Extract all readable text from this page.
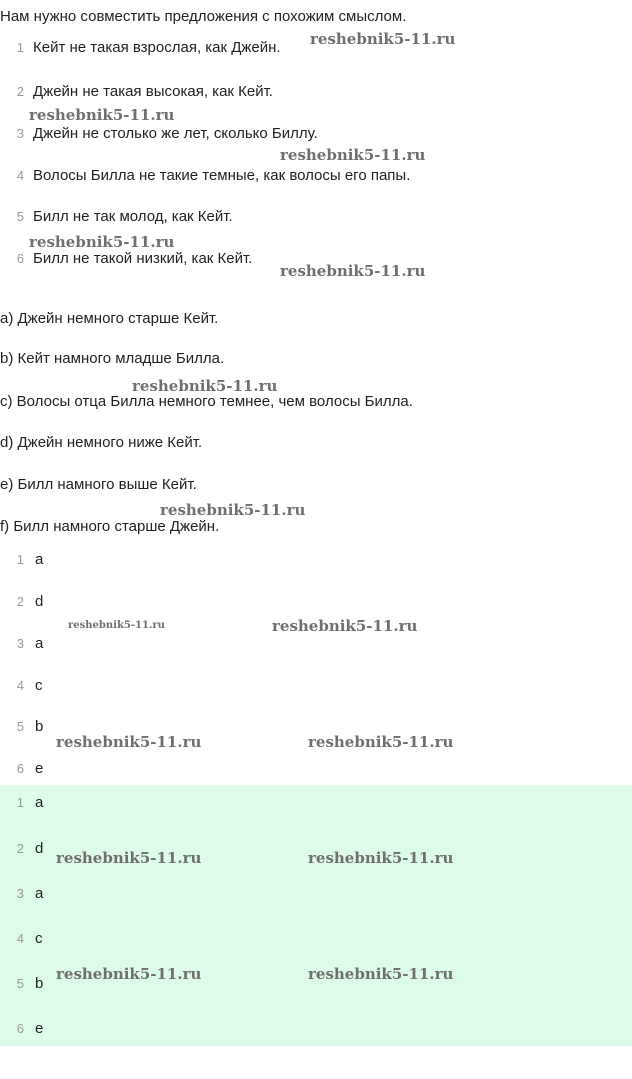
Нам нужно совместить предложения с похожим смыслом.
1 Кейт не такая взрослая, как Джейн.
2 Джейн не такая высокая, как Кейт.
3 Джейн не столько же лет, сколько Биллу.
4 Волосы Билла не такие темные, как волосы его папы.
5 Билл не так молод, как Кейт.
6 Билл не такой низкий, как Кейт.
a) Джейн немного старше Кейт.
b) Кейт намного младше Билла.
c) Волосы отца Билла немного темнее, чем волосы Билла.
d) Джейн немного ниже Кейт.
e) Билл намного выше Кейт.
f) Билл намного старше Джейн.
1 a
2 d
3 a
4 c
5 b
6 e
1 a
2 d
3 a
4 c
5 b
6 e
reshebnik5-11.ru
reshebnik5-11.ru
reshebnik5-11.ru
reshebnik5-11.ru
reshebnik5-11.ru
reshebnik5-11.ru
reshebnik5-11.ru
reshebnik5-11.ru	reshebnik5-11.ru
reshebnik5-11.ru	reshebnik5-11.ru
reshebnik5-11.ru	reshebnik5-11.ru
reshebnik5-11.ru	reshebnik5-11.ru
